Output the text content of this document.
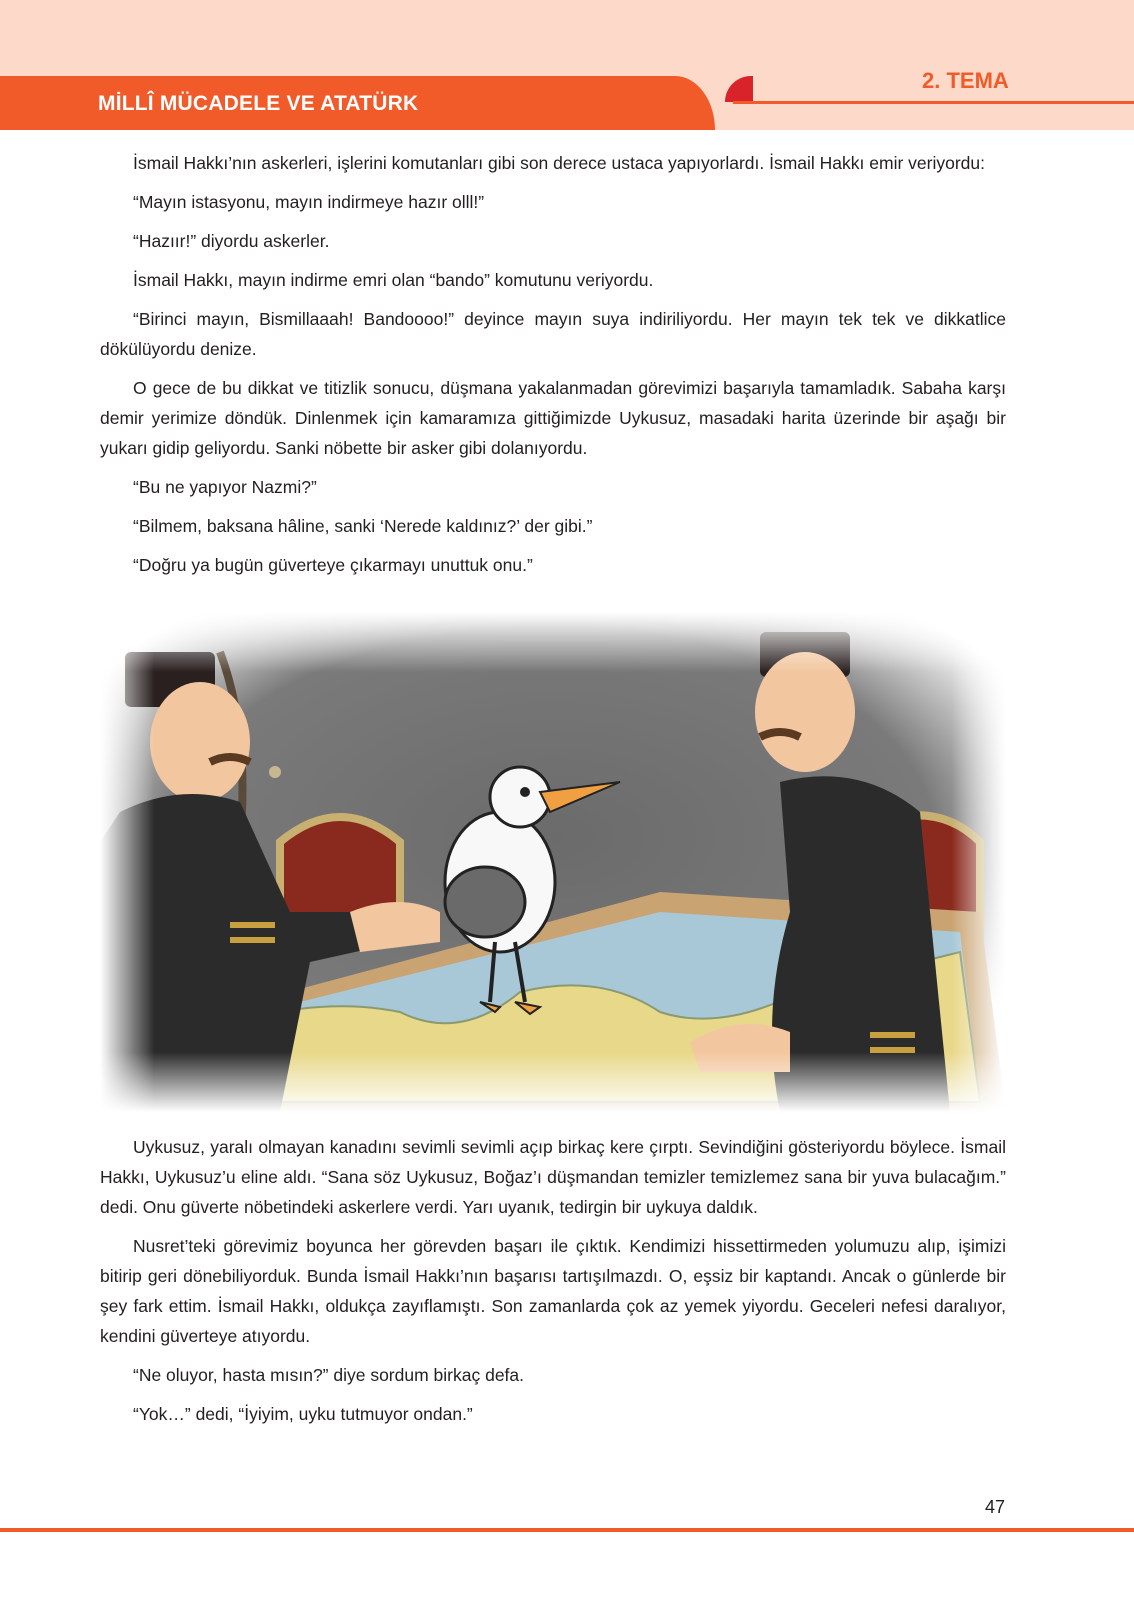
MİLLÎ MÜCADELE VE ATATÜRK
2. TEMA

İsmail Hakkı’nın askerleri, işlerini komutanları gibi son derece ustaca yapıyorlardı. İsmail Hakkı emir veriyordu:

“Mayın istasyonu, mayın indirmeye hazır olll!”

“Hazıır!” diyordu askerler.

İsmail Hakkı, mayın indirme emri olan “bando” komutunu veriyordu.

“Birinci mayın, Bismillaaah! Bandoooo!” deyince mayın suya indiriliyordu. Her mayın tek tek ve dikkatlice dökülüyordu denize.

O gece de bu dikkat ve titizlik sonucu, düşmana yakalanmadan görevimizi başarıyla tamamladık. Sabaha karşı demir yerimize döndük. Dinlenmek için kamaramıza gittiğimizde Uykusuz, masadaki harita üzerinde bir aşağı bir yukarı gidip geliyordu. Sanki nöbette bir asker gibi dolanıyordu.

“Bu ne yapıyor Nazmi?”

“Bilmem, baksana hâline, sanki ‘Nerede kaldınız?’ der gibi.”

“Doğru ya bugün güverteye çıkarmayı unuttuk onu.”

Uykusuz, yaralı olmayan kanadını sevimli sevimli açıp birkaç kere çırptı. Sevindiğini gösteriyordu böylece. İsmail Hakkı, Uykusuz’u eline aldı. “Sana söz Uykusuz, Boğaz’ı düşmandan temizler temizlemez sana bir yuva bulacağım.” dedi. Onu güverte nöbetindeki askerlere verdi. Yarı uyanık, tedirgin bir uykuya daldık.

Nusret’teki görevimiz boyunca her görevden başarı ile çıktık. Kendimizi hissettirmeden yolumuzu alıp, işimizi bitirip geri dönebiliyorduk. Bunda İsmail Hakkı’nın başarısı tartışılmazdı. O, eşsiz bir kaptandı. Ancak o günlerde bir şey fark ettim. İsmail Hakkı, oldukça zayıflamıştı. Son zamanlarda çok az yemek yiyordu. Geceleri nefesi daralıyor, kendini güverteye atıyordu.

“Ne oluyor, hasta mısın?” diye sordum birkaç defa.

“Yok…” dedi, “İyiyim, uyku tutmuyor ondan.”

47
